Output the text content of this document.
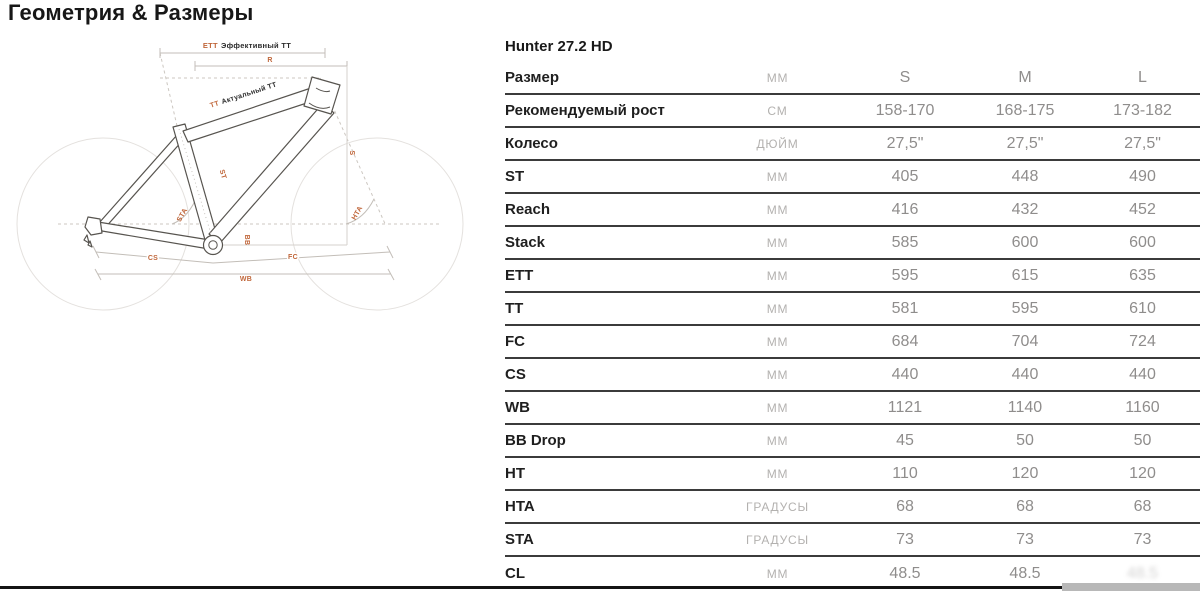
Геометрия & Размеры
ETT Эффективный TT
R
TTАктуальный TT
ST
STA
BB
S
HTA
CS	FC
WB
Hunter 27.2 HD
Размер	ММ	S	M	L
Рекомендуемый рост	СМ	158-170	168-175	173-182
Колесо	ДЮЙМ	27,5"	27,5"	27,5"
ST	ММ	405	448	490
Reach	ММ	416	432	452
Stack	ММ	585	600	600
ETT	ММ	595	615	635
TT	ММ	581	595	610
FC	ММ	684	704	724
CS	ММ	440	440	440
WB	ММ	1121	1140	1160
BB Drop	ММ	45	50	50
HT	ММ	110	120	120
HTA	ГРАДУСЫ	68	68	68
STA	ГРАДУСЫ	73	73	73
CL	ММ	48.5	48.5	48.5
